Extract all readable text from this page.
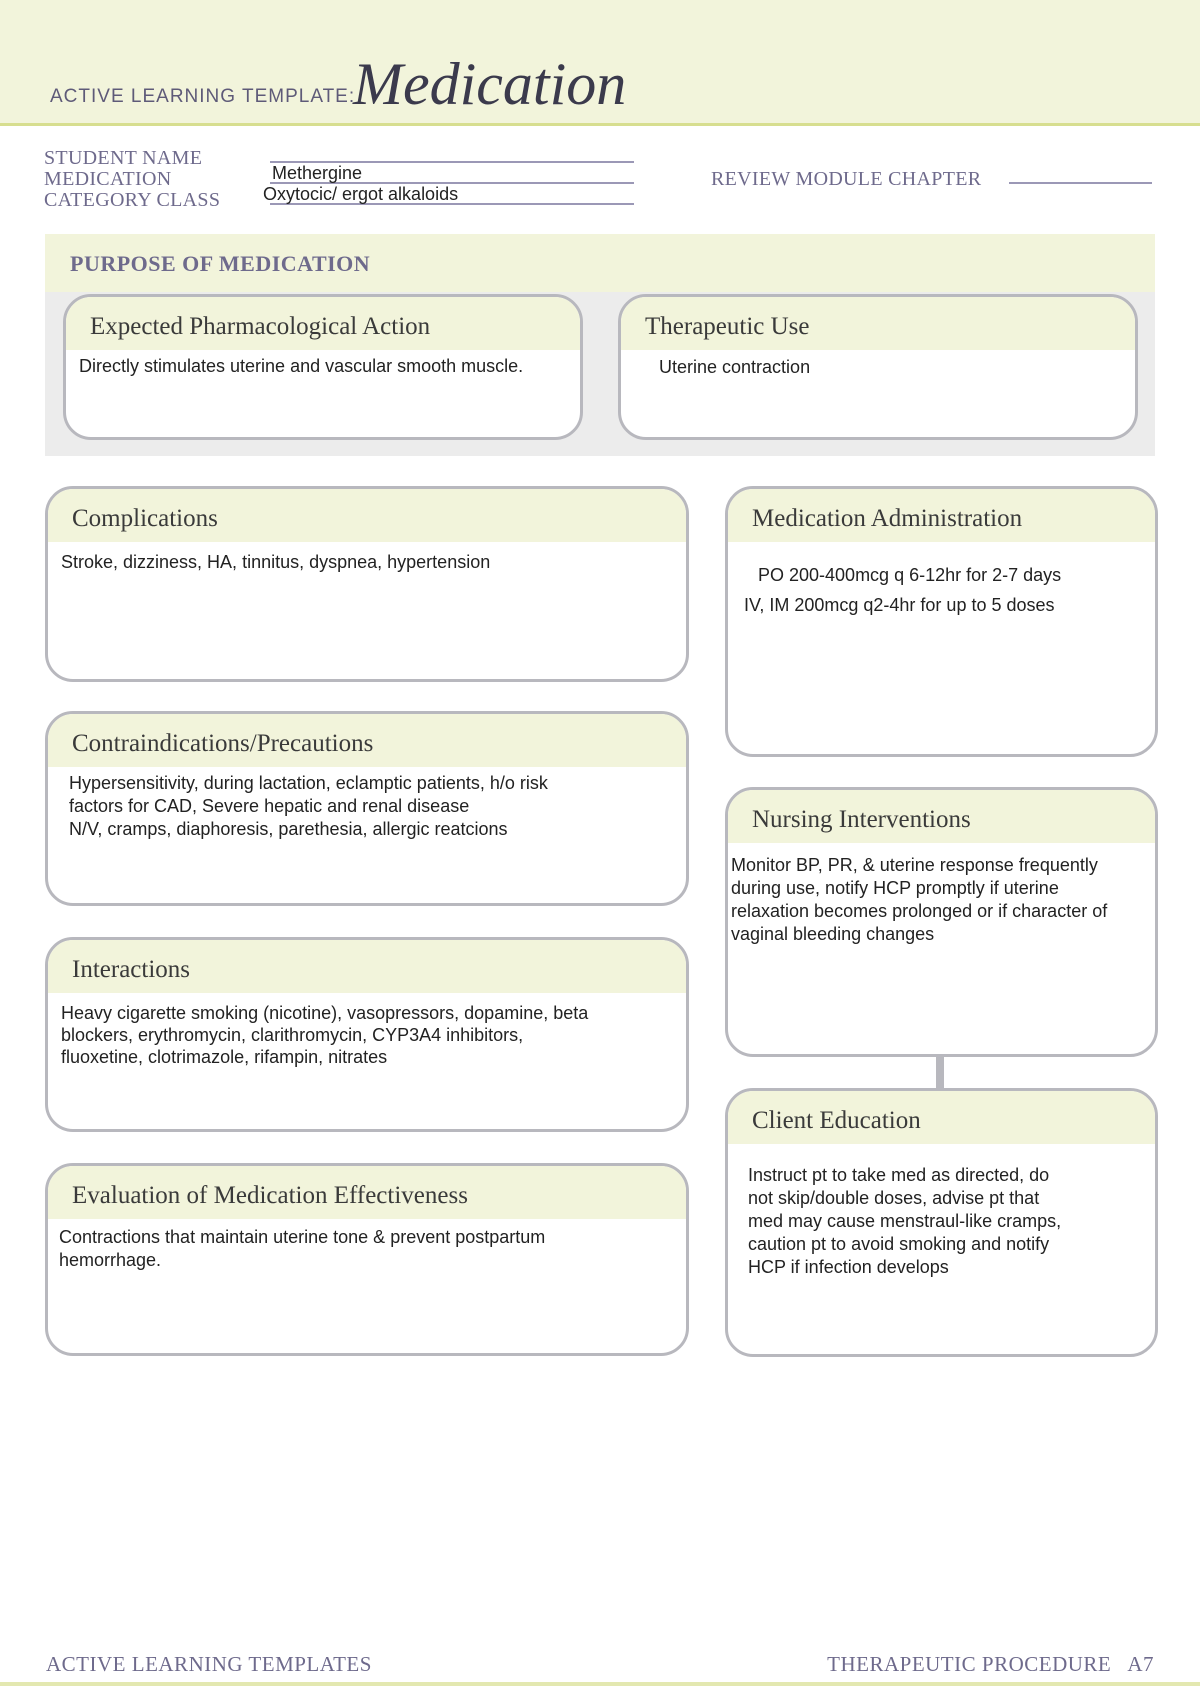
ACTIVE LEARNING TEMPLATE:
Medication
STUDENT NAME
MEDICATION	Methergine
CATEGORY CLASS Oxytocic/ ergot alkaloids
REVIEW MODULE CHAPTER
PURPOSE OF MEDICATION
Expected Pharmacological Action
Directly stimulates uterine and vascular smooth muscle.
Therapeutic Use
Uterine contraction
Complications
Stroke, dizziness, HA, tinnitus, dyspnea, hypertension
Contraindications/Precautions
Hypersensitivity, during lactation, eclamptic patients, h/o risk
factors for CAD, Severe hepatic and renal disease
N/V, cramps, diaphoresis, parethesia, allergic reatcions
Interactions
Heavy cigarette smoking (nicotine), vasopressors, dopamine, beta
blockers, erythromycin, clarithromycin, CYP3A4 inhibitors,
fluoxetine, clotrimazole, rifampin, nitrates
Evaluation of Medication Effectiveness
Contractions that maintain uterine tone & prevent postpartum
hemorrhage.
Medication Administration
PO 200-400mcg q 6-12hr for 2-7 days
IV, IM 200mcg q2-4hr for up to 5 doses
Nursing Interventions
Monitor BP, PR, & uterine response frequently
during use, notify HCP promptly if uterine
relaxation becomes prolonged or if character of
vaginal bleeding changes
Client Education
Instruct pt to take med as directed, do
not skip/double doses, advise pt that
med may cause menstraul-like cramps,
caution pt to avoid smoking and notify
HCP if infection develops
ACTIVE LEARNING TEMPLATES	THERAPEUTIC PROCEDURE   A7
